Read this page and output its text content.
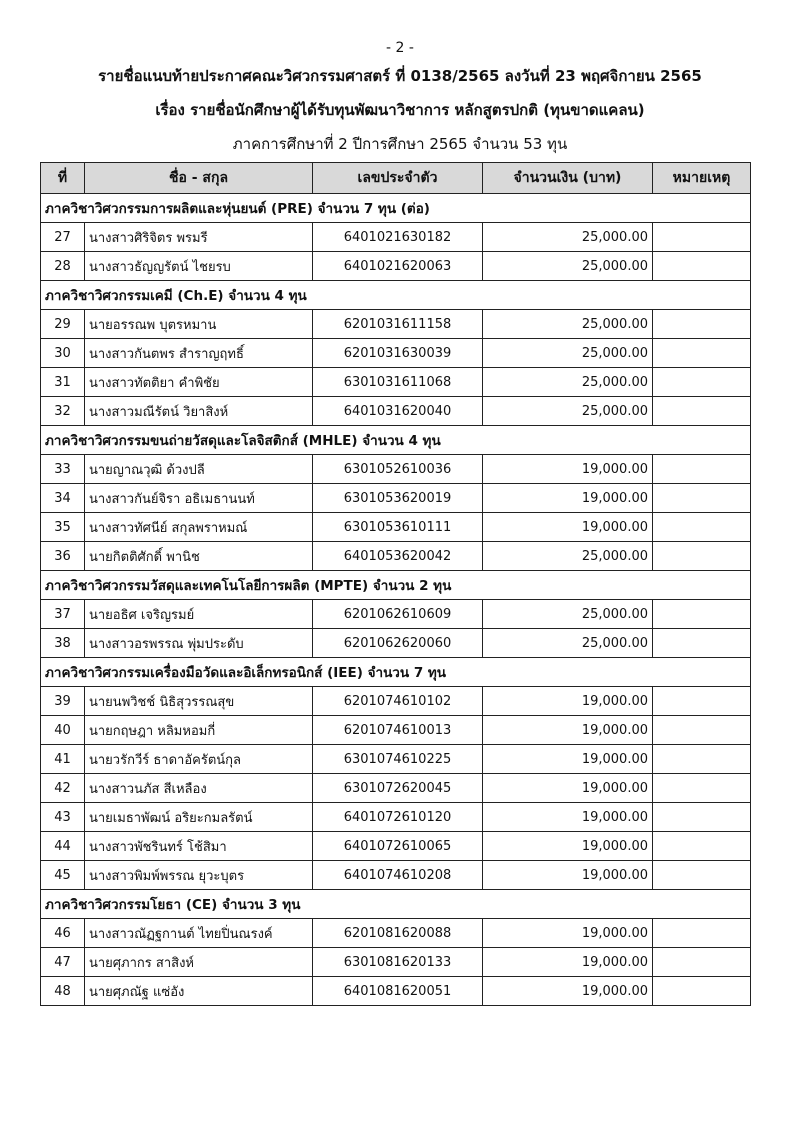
- 2 -
รายชื่อแนบท้ายประกาศคณะวิศวกรรมศาสตร์ ที่ 0138/2565 ลงวันที่ 23 พฤศจิกายน 2565
เรื่อง รายชื่อนักศึกษาผู้ได้รับทุนพัฒนาวิชาการ หลักสูตรปกติ (ทุนขาดแคลน)
ภาคการศึกษาที่ 2 ปีการศึกษา 2565 จำนวน 53 ทุน
ที่	ชื่อ - สกุล	เลขประจำตัว	จำนวนเงิน (บาท)	หมายเหตุ
ภาควิชาวิศวกรรมการผลิตและหุ่นยนต์ (PRE) จำนวน 7 ทุน (ต่อ)				
27	นางสาวศิริจิตร พรมรี	6401021630182	25,000.00	
28	นางสาวธัญญรัตน์ ไชยรบ	6401021620063	25,000.00	
ภาควิชาวิศวกรรมเคมี (Ch.E) จำนวน 4 ทุน				
29	นายอรรณพ บุตรหมาน	6201031611158	25,000.00	
30	นางสาวกันตพร สำราญฤทธิ์	6201031630039	25,000.00	
31	นางสาวทัตติยา คำพิชัย	6301031611068	25,000.00	
32	นางสาวมณีรัตน์ วิยาสิงห์	6401031620040	25,000.00	
ภาควิชาวิศวกรรมขนถ่ายวัสดุและโลจิสติกส์ (MHLE) จำนวน 4 ทุน				
33	นายญาณวุฒิ ด้วงปลี	6301052610036	19,000.00	
34	นางสาวกันย์จิรา อธิเมธานนท์	6301053620019	19,000.00	
35	นางสาวทัศนีย์ สกุลพราหมณ์	6301053610111	19,000.00	
36	นายกิตติศักดิ์ พานิช	6401053620042	25,000.00	
ภาควิชาวิศวกรรมวัสดุและเทคโนโลยีการผลิต (MPTE) จำนวน 2 ทุน				
37	นายอธิศ เจริญรมย์	6201062610609	25,000.00	
38	นางสาวอรพรรณ พุ่มประดับ	6201062620060	25,000.00	
ภาควิชาวิศวกรรมเครื่องมือวัดและอิเล็กทรอนิกส์ (IEE) จำนวน 7 ทุน				
39	นายนพวิชช์ นิธิสุวรรณสุข	6201074610102	19,000.00	
40	นายกฤษฎา หลิมหอมกี่	6201074610013	19,000.00	
41	นายวรักวีร์ ธาดาอัครัตน์กุล	6301074610225	19,000.00	
42	นางสาวนภัส สีเหลือง	6301072620045	19,000.00	
43	นายเมธาพัฒน์ อริยะกมลรัตน์	6401072610120	19,000.00	
44	นางสาวพัชรินทร์ โช้สิมา	6401072610065	19,000.00	
45	นางสาวพิมพ์พรรณ ยุวะบุตร	6401074610208	19,000.00	
ภาควิชาวิศวกรรมโยธา (CE) จำนวน 3 ทุน				
46	นางสาวณัฏฐกานต์ ไทยปิ่นณรงค์	6201081620088	19,000.00	
47	นายศุภากร สาสิงห์	6301081620133	19,000.00	
48	นายศุภณัฐ แซ่อัง	6401081620051	19,000.00	
